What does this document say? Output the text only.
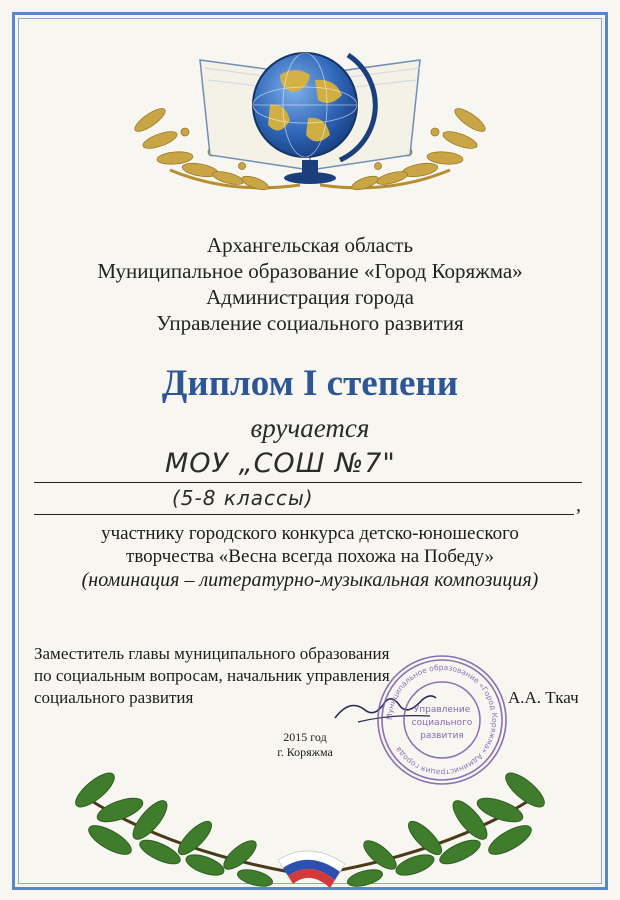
Архангельская область
Муниципальное образование «Город Коряжма»
Администрация города
Управление социального развития
Диплом I степени
вручается
МОУ „СОШ №7"
(5-8 классы)	,
участнику городского конкурса детско-юношеского
творчества «Весна всегда похожа на Победу»
(номинация – литературно-музыкальная композиция)
Заместитель главы муниципального образования
по социальным вопросам, начальник управления
социального развития	А.А. Ткач
Муниципальное образование «Город Коряжма» Администрация города
Управление
социального
развития
2015 год
г. Коряжма
